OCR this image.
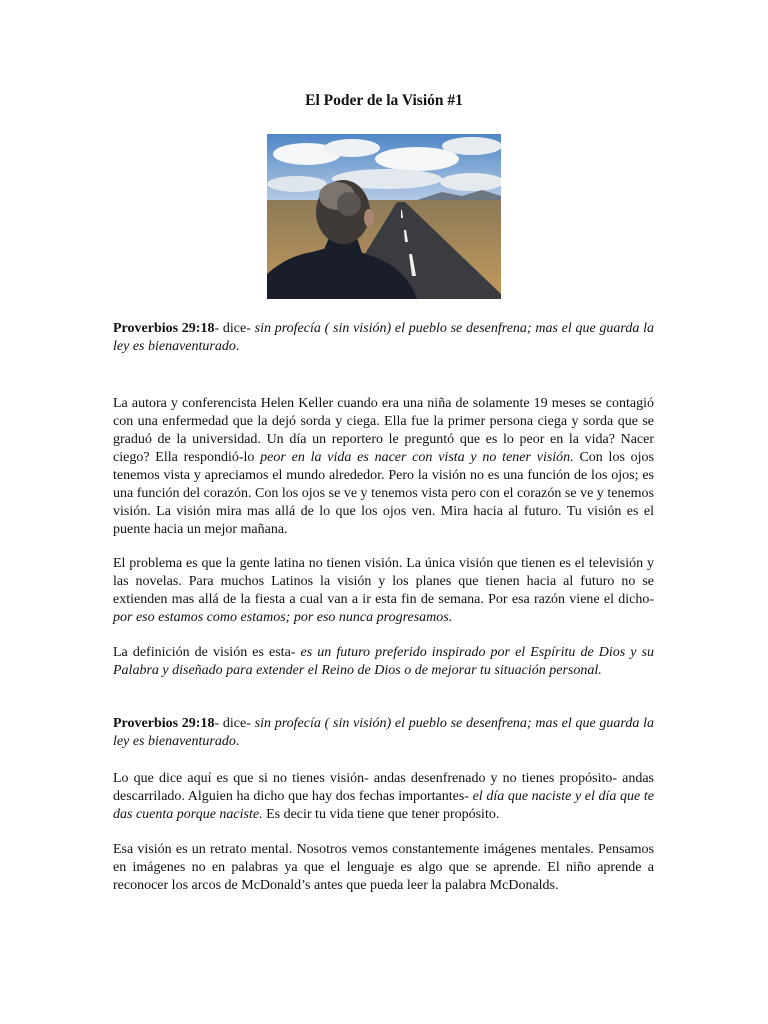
El Poder de la Visión #1

Proverbios 29:18- dice- sin profecía ( sin visión) el pueblo se desenfrena; mas el que guarda la ley es bienaventurado.

La autora y conferencista Helen Keller cuando era una niña de solamente 19 meses se contagió con una enfermedad que la dejó sorda y ciega. Ella fue la primer persona ciega y sorda que se graduó de la universidad. Un día un reportero le preguntó que es lo peor en la vida? Nacer ciego? Ella respondió-lo peor en la vida es nacer con vista y no tener visión. Con los ojos tenemos vista y apreciamos el mundo alrededor. Pero la visión no es una función de los ojos; es una función del corazón. Con los ojos se ve y tenemos vista pero con el corazón se ve y tenemos visión. La visión mira mas allá de lo que los ojos ven. Mira hacia al futuro. Tu visión es el puente hacia un mejor mañana.

El problema es que la gente latina no tienen visión. La única visión que tienen es el televisión y las novelas. Para muchos Latinos la visión y los planes que tienen hacia al futuro no se extienden mas allá de la fiesta a cual van a ir esta fin de semana. Por esa razón viene el dicho- por eso estamos como estamos; por eso nunca progresamos.

La definición de visión es esta- es un futuro preferido inspirado por el Espíritu de Dios y su Palabra y diseñado para extender el Reino de Dios o de mejorar tu situación personal.

Proverbios 29:18- dice- sin profecía ( sin visión) el pueblo se desenfrena; mas el que guarda la ley es bienaventurado.

Lo que dice aquí es que si no tienes visión- andas desenfrenado y no tienes propósito- andas descarrilado. Alguien ha dicho que hay dos fechas importantes- el día que naciste y el día que te das cuenta porque naciste. Es decir tu vida tiene que tener propósito.

Esa visión es un retrato mental. Nosotros vemos constantemente imágenes mentales. Pensamos en imágenes no en palabras ya que el lenguaje es algo que se aprende. El niño aprende a reconocer los arcos de McDonald’s antes que pueda leer la palabra McDonalds.
